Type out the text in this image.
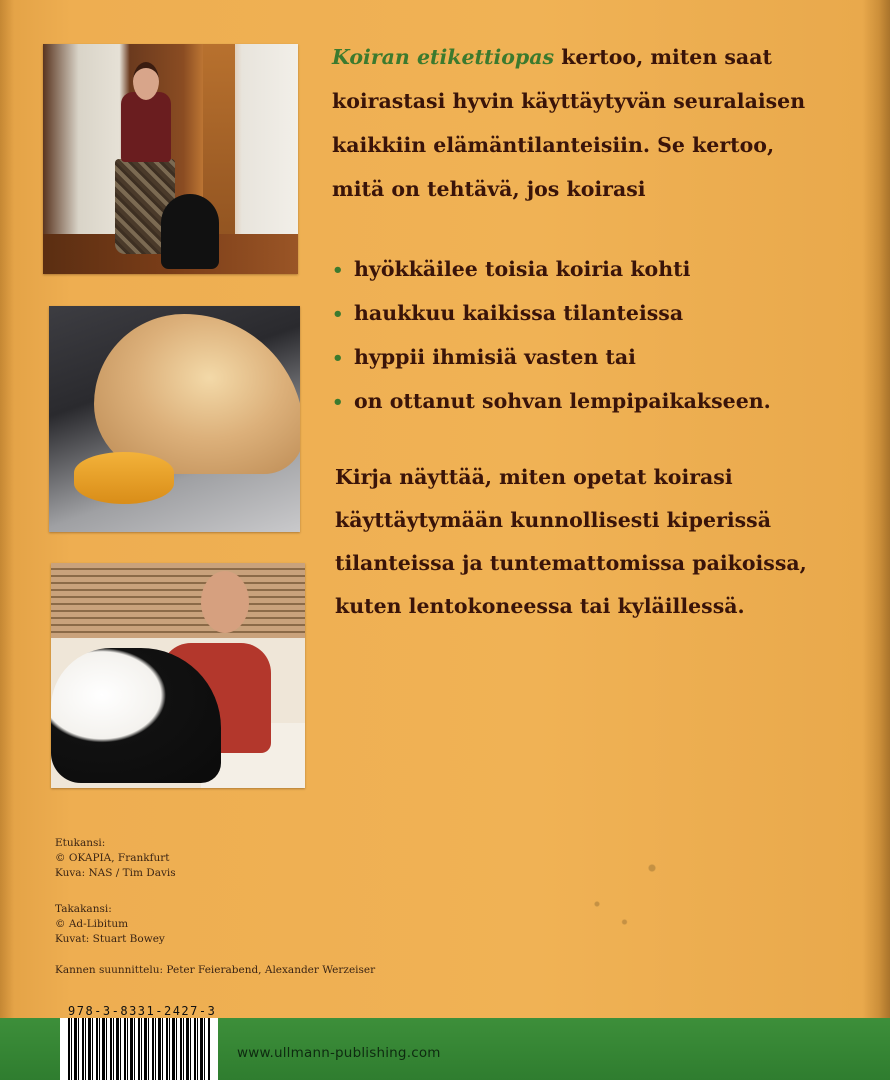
Koiran etikettiopas kertoo, miten saat
koirastasi hyvin käyttäytyvän seuralaisen
kaikkiin elämäntilanteisiin. Se kertoo,
mitä on tehtävä, jos koirasi
• hyökkäilee toisia koiria kohti
• haukkuu kaikissa tilanteissa
• hyppii ihmisiä vasten tai
• on ottanut sohvan lempipaikakseen.
Kirja näyttää, miten opetat koirasi
käyttäytymään kunnollisesti kiperissä
tilanteissa ja tuntemattomissa paikoissa,
kuten lentokoneessa tai kyläillessä.
Etukansi:
© OKAPIA, Frankfurt
Kuva: NAS / Tim Davis
Takakansi:
© Ad-Libitum
Kuvat: Stuart Bowey
Kannen suunnittelu: Peter Feierabend, Alexander Werzeiser
978-3-8331-2427-3
www.ullmann-publishing.com
